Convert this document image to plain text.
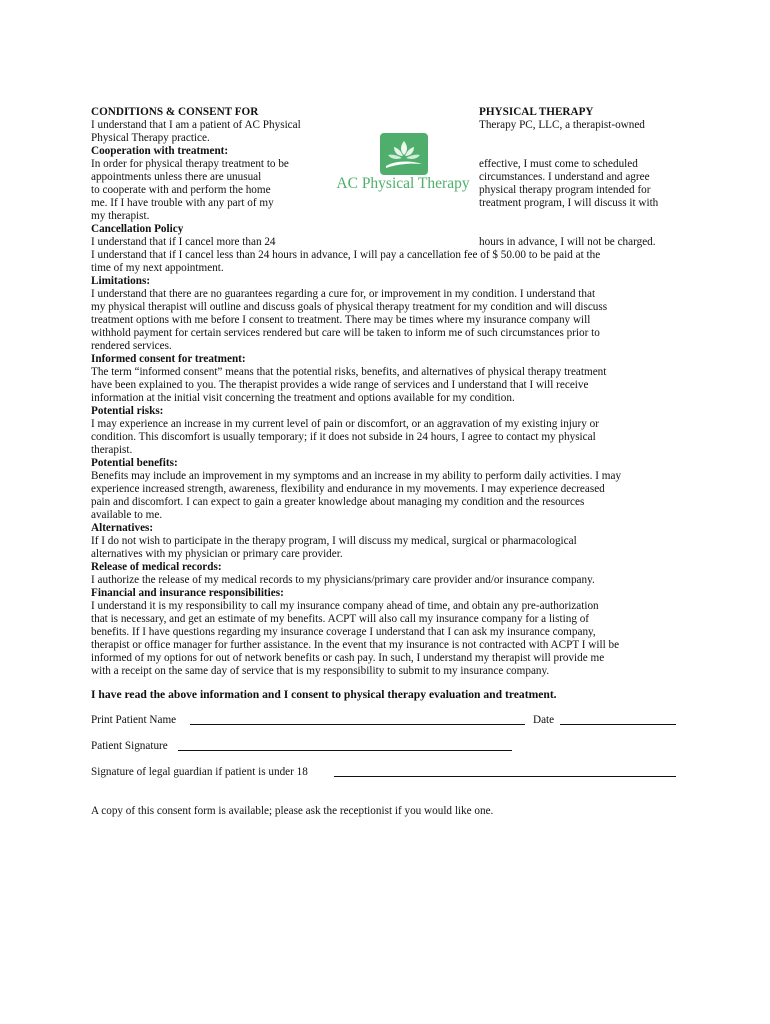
CONDITIONS & CONSENT FOR	PHYSICAL THERAPY
I understand that I am a patient of AC Physical	Therapy PC, LLC, a therapist-owned
Physical Therapy practice.
AC Physical Therapy
Cooperation with treatment:
In order for physical therapy treatment to be	effective, I must come to scheduled
appointments unless there are unusual	circumstances. I understand and agree
to cooperate with and perform the home	physical therapy program intended for
me. If I have trouble with any part of my	treatment program, I will discuss it with
my therapist.
Cancellation Policy
I understand that if I cancel more than 24	hours in advance, I will not be charged.
I understand that if I cancel less than 24 hours in advance, I will pay a cancellation fee of $ 50.00 to be paid at the
time of my next appointment.
Limitations:
I understand that there are no guarantees regarding a cure for, or improvement in my condition. I understand that
my physical therapist will outline and discuss goals of physical therapy treatment for my condition and will discuss
treatment options with me before I consent to treatment. There may be times where my insurance company will
withhold payment for certain services rendered but care will be taken to inform me of such circumstances prior to
rendered services.
Informed consent for treatment:
The term “informed consent” means that the potential risks, benefits, and alternatives of physical therapy treatment
have been explained to you. The therapist provides a wide range of services and I understand that I will receive
information at the initial visit concerning the treatment and options available for my condition.
Potential risks:
I may experience an increase in my current level of pain or discomfort, or an aggravation of my existing injury or
condition. This discomfort is usually temporary; if it does not subside in 24 hours, I agree to contact my physical
therapist.
Potential benefits:
Benefits may include an improvement in my symptoms and an increase in my ability to perform daily activities. I may
experience increased strength, awareness, flexibility and endurance in my movements. I may experience decreased
pain and discomfort. I can expect to gain a greater knowledge about managing my condition and the resources
available to me.
Alternatives:
If I do not wish to participate in the therapy program, I will discuss my medical, surgical or pharmacological
alternatives with my physician or primary care provider.
Release of medical records:
I authorize the release of my medical records to my physicians/primary care provider and/or insurance company.
Financial and insurance responsibilities:
I understand it is my responsibility to call my insurance company ahead of time, and obtain any pre-authorization
that is necessary, and get an estimate of my benefits. ACPT will also call my insurance company for a listing of
benefits. If I have questions regarding my insurance coverage I understand that I can ask my insurance company,
therapist or office manager for further assistance. In the event that my insurance is not contracted with ACPT I will be
informed of my options for out of network benefits or cash pay. In such, I understand my therapist will provide me
with a receipt on the same day of service that is my responsibility to submit to my insurance company.
I have read the above information and I consent to physical therapy evaluation and treatment.
Print Patient Name	Date
Patient Signature
Signature of legal guardian if patient is under 18
A copy of this consent form is available; please ask the receptionist if you would like one.
